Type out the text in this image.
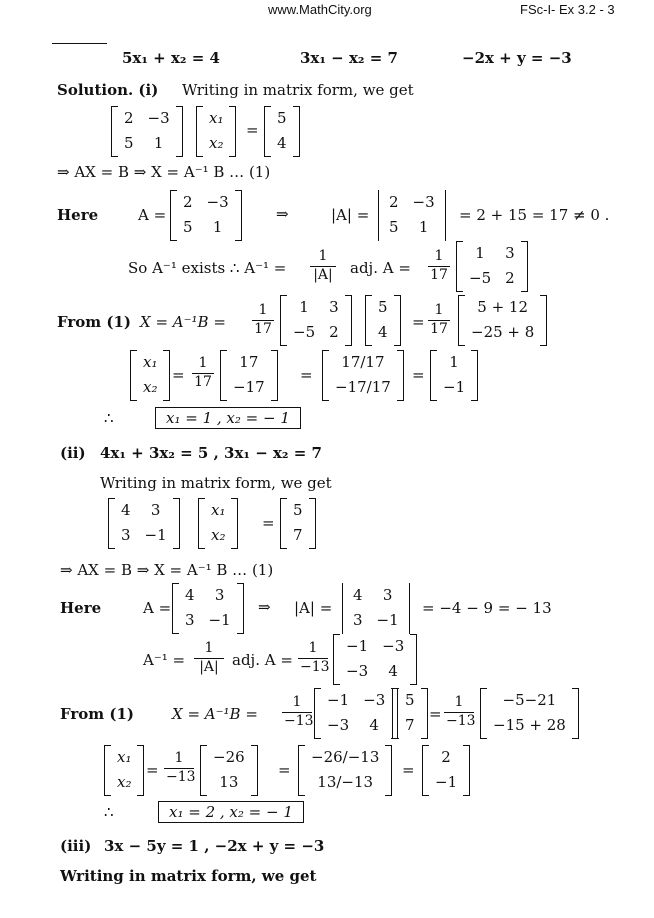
www.MathCity.org	FSc-I- Ex 3.2 - 3
5x₁ + x₂ = 4	3x₁ − x₂ = 7	−2x + y = −3
Solution. (i) Writing in matrix form, we get
2	−3
5	1
x₁
x₂
=
5
4
⇒ AX = B ⇒ X = A⁻¹ B … (1)
Here	A =
2	−3
5	1
⇒	|A| =
2	−3
5	1
= 2 + 15 = 17 ≠ 0 .
So A⁻¹ exists ∴ $A^{-1} = \frac{1}{|A|}$ adj. $A = \frac{1}{17} 1$	3
−5	2
From (1) $X = A^{-1}B = \frac{1}{17} 1$	3
−5	2
5
4
= $\frac{1}{17} 5 + 12$
−25 + 8
x₁
x₂
= $\frac{1}{17} 17$
−17
=
17/17
−17/17
=
1
−1
∴	x₁ = 1 , x₂ = − 1
(ii) 4x₁ + 3x₂ = 5 , 3x₁ − x₂ = 7
Writing in matrix form, we get
4	3
3	−1
x₁
x₂
=
5
7
⇒ AX = B ⇒ X = A⁻¹ B … (1)
Here	A =
4	3
3	−1
⇒ |A| =
4	3
3	−1
= −4 − 9 = − 13
$A^{-1} = \frac{1}{|A|}$ adj. $A = \frac{1}{-13} -1$	−3
−3	4
From (1)	$X = A^{-1}B = \frac{1}{-13} -1$	−3
−3	4
5
7
= $\frac{1}{-13} -5-21$
−15 + 28
x₁
x₂
= $\frac{1}{-13} -26$
13
=
−26/−13
13/−13
=
2
−1
∴	x₁ = 2 , x₂ = − 1
(iii) 3x − 5y = 1 , −2x + y = −3
Writing in matrix form, we get
